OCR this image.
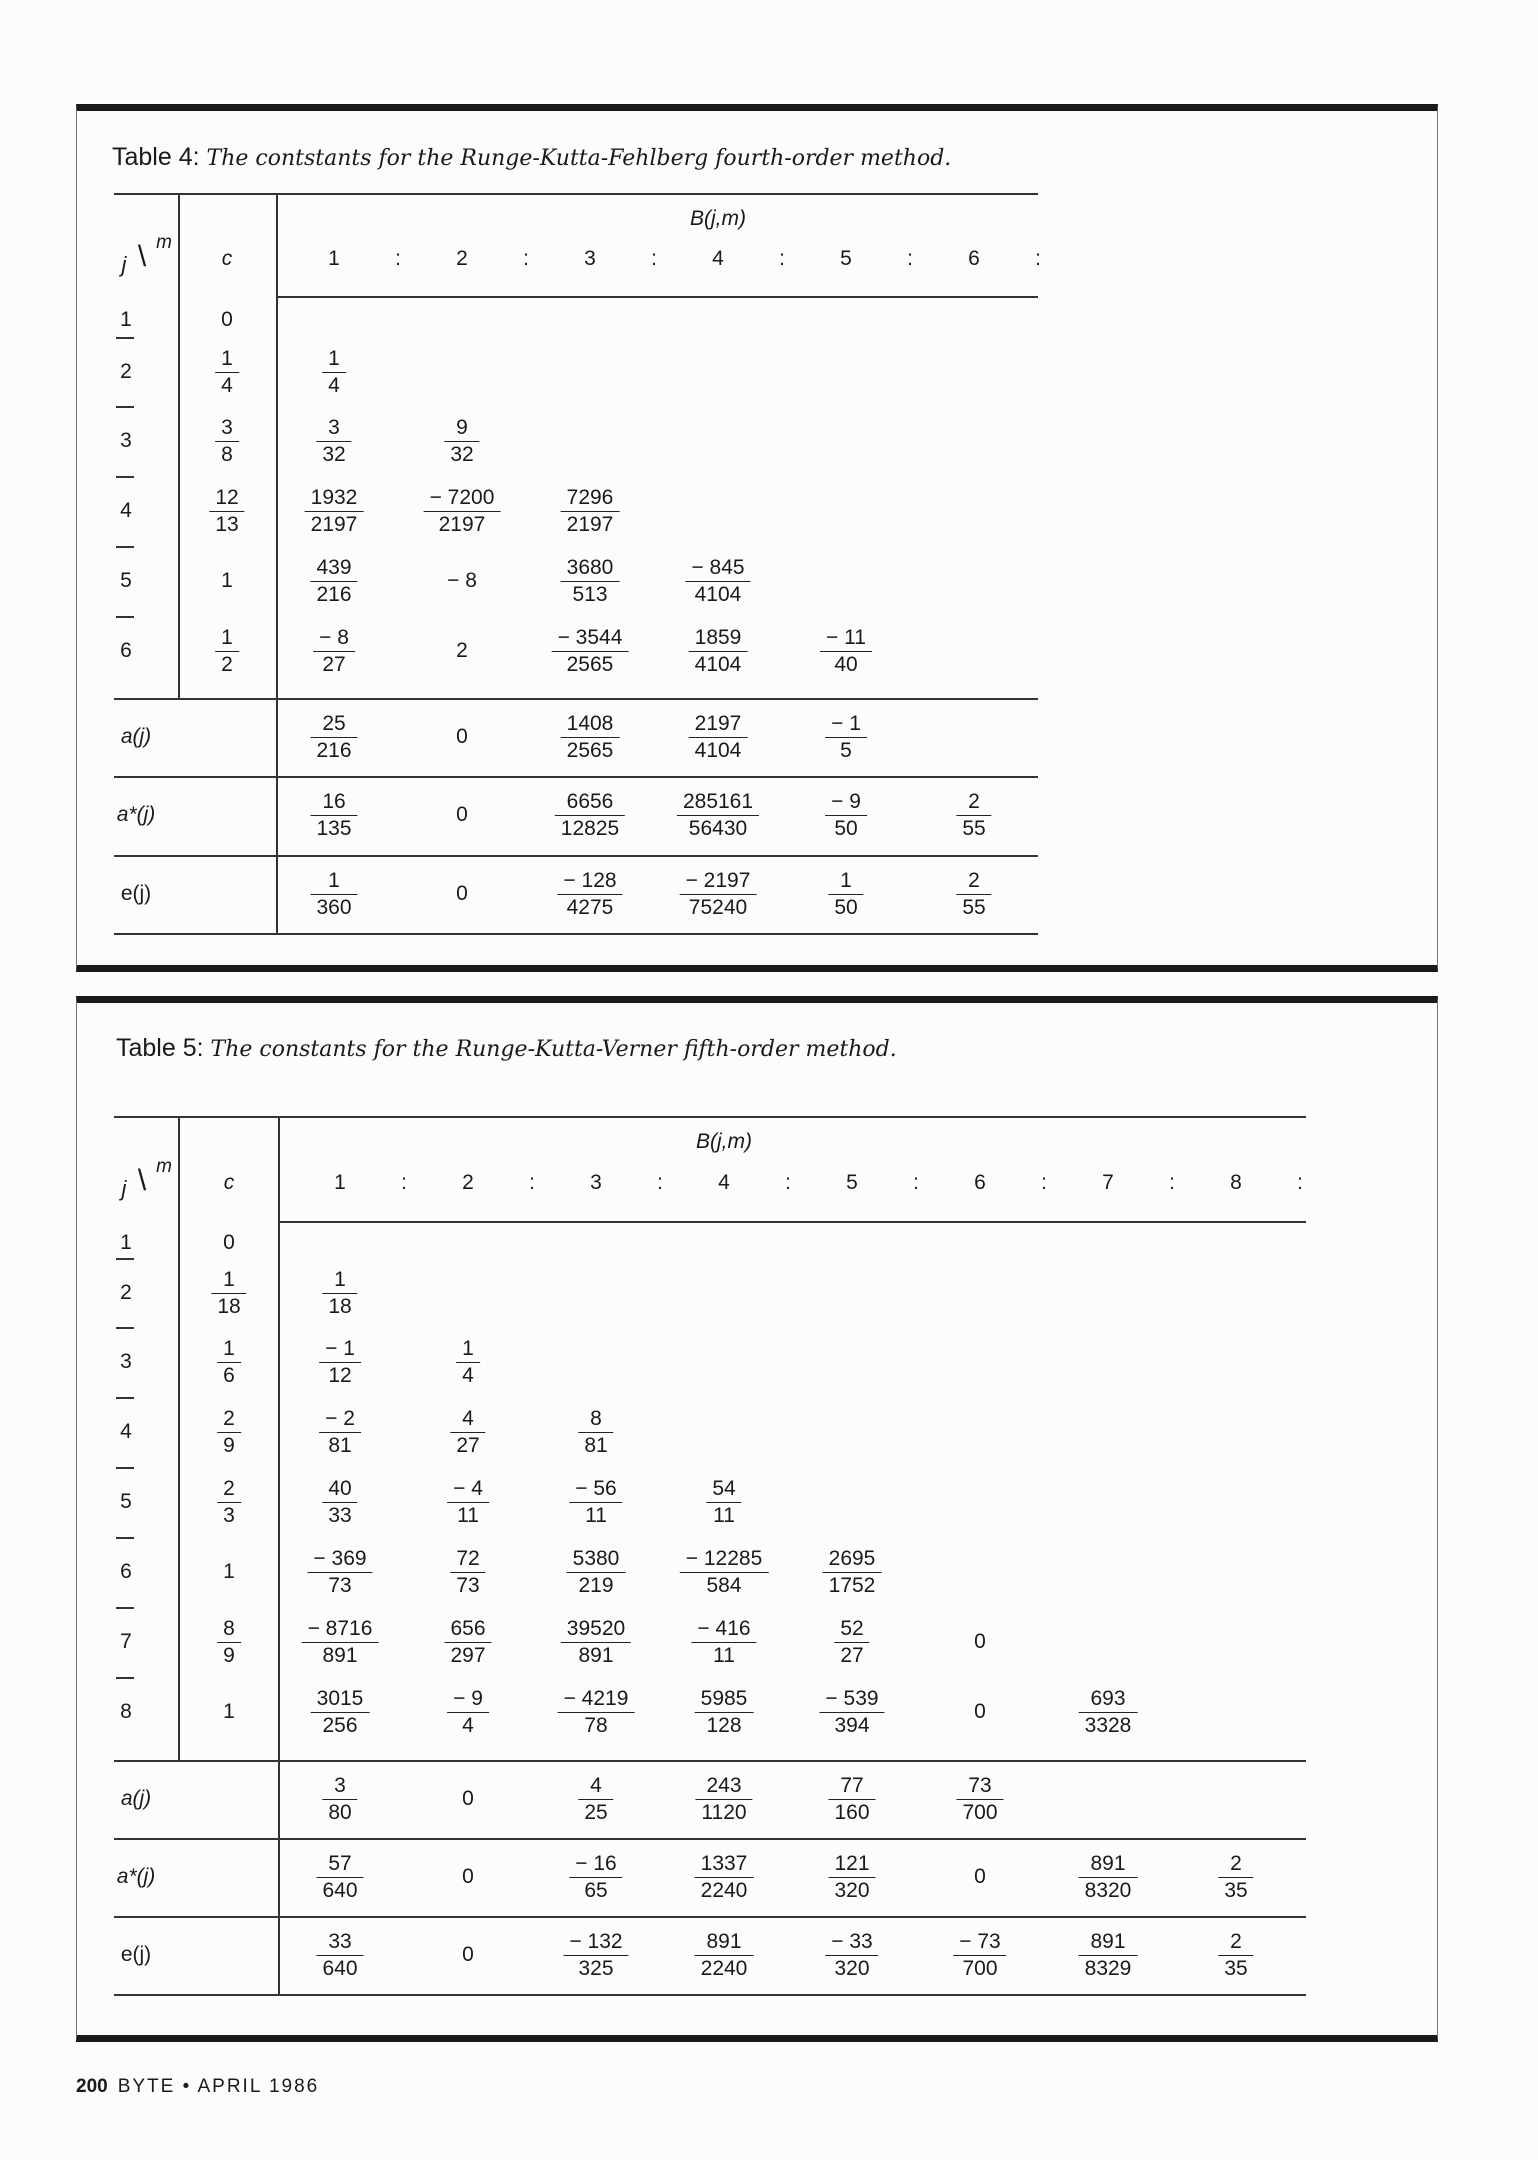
Table 4: The contstants for the Runge-Kutta-Fehlberg fourth-order method.
Table 5: The constants for the Runge-Kutta-Verner fifth-order method.
j \ m
c
B(j,m)
1	:	2	:	3	:	4	:	5	:	6	:
1	0
2	$\frac{1}{4}$	$\frac{1}{4}$
3	$\frac{3}{8}$	$\frac{3}{32}$	$\frac{9}{32}$
4	$\frac{12}{13}$	$\frac{1932}{2197}$	$\frac{- 7200}{2197}$	$\frac{7296}{2197}$
5	1	$\frac{439}{216}$	− 8	$\frac{3680}{513}$	$\frac{- 845}{4104}$
6	$\frac{1}{2}$	$\frac{- 8}{27}$	2	$\frac{- 3544}{2565}$	$\frac{1859}{4104}$	$\frac{- 11}{40}$
a(j)	$\frac{25}{216}$	0	$\frac{1408}{2565}$	$\frac{2197}{4104}$	$\frac{- 1}{5}$
a*(j)	$\frac{16}{135}$	0	$\frac{6656}{12825}$	$\frac{285161}{56430}$	$\frac{- 9}{50}$	$\frac{2}{55}$
e(j)	$\frac{1}{360}$	0	$\frac{- 128}{4275}$	$\frac{- 2197}{75240}$	$\frac{1}{50}$	$\frac{2}{55}$
j \ m
c
B(j,m)
1	:	2	:	3	:	4	:	5	:	6	:	7	:	8	:
1	0
2	$\frac{1}{18}$	$\frac{1}{18}$
3	$\frac{1}{6}$	$\frac{- 1}{12}$	$\frac{1}{4}$
4	$\frac{2}{9}$	$\frac{- 2}{81}$	$\frac{4}{27}$	$\frac{8}{81}$
5	$\frac{2}{3}$	$\frac{40}{33}$	$\frac{- 4}{11}$	$\frac{- 56}{11}$	$\frac{54}{11}$
6	1	$\frac{- 369}{73}$	$\frac{72}{73}$	$\frac{5380}{219}$	$\frac{- 12285}{584}$	$\frac{2695}{1752}$
7	$\frac{8}{9}$	$\frac{- 8716}{891}$	$\frac{656}{297}$	$\frac{39520}{891}$	$\frac{- 416}{11}$	$\frac{52}{27}$	0
8	1	$\frac{3015}{256}$	$\frac{- 9}{4}$	$\frac{- 4219}{78}$	$\frac{5985}{128}$	$\frac{- 539}{394}$	0	$\frac{693}{3328}$
a(j)	$\frac{3}{80}$	0	$\frac{4}{25}$	$\frac{243}{1120}$	$\frac{77}{160}$	$\frac{73}{700}$
a*(j)	$\frac{57}{640}$	0	$\frac{- 16}{65}$	$\frac{1337}{2240}$	$\frac{121}{320}$	0	$\frac{891}{8320}$	$\frac{2}{35}$
e(j)	$\frac{33}{640}$	0	$\frac{- 132}{325}$	$\frac{891}{2240}$	$\frac{- 33}{320}$	$\frac{- 73}{700}$	$\frac{891}{8329}$	$\frac{2}{35}$
200 BYTE • APRIL 1986
